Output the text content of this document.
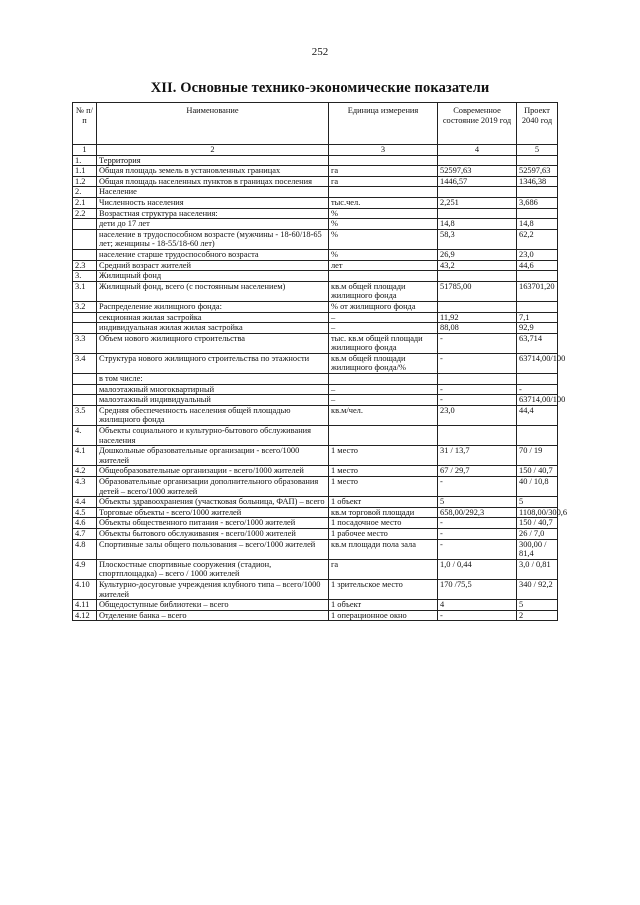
252
XII. Основные технико-экономические показатели
№ п/п	Наименование	Единица измерения	Современное состояние 2019 год	Проект 2040 год
1	2	3	4	5
1.	Территория			
1.1	Общая площадь земель в установленных границах	га	52597,63	52597,63
1.2	Общая площадь населенных пунктов в границах поселения	га	1446,57	1346,38
2.	Население			
2.1	Численность населения	тыс.чел.	2,251	3,686
2.2	Возрастная структура населения:	%		
	дети до 17 лет	%	14,8	14,8
	население в трудоспособном возрасте (мужчины - 18-60/18-65 лет; женщины - 18-55/18-60 лет)	%	58,3	62,2
	население старше трудоспособного возраста	%	26,9	23,0
2.3	Средний возраст жителей	лет	43,2	44,6
3.	Жилищный фонд			
3.1	Жилищный фонд, всего (с постоянным населением)	кв.м общей площади жилищного фонда	51785,00	163701,20
3.2	Распределение жилищного фонда:	% от жилищного фонда		
	секционная жилая застройка	–	11,92	7,1
	индивидуальная жилая жилая застройка	–	88,08	92,9
3.3	Объем нового жилищного строительства	тыс. кв.м общей площади жилищного фонда	-	63,714
3.4	Структура нового жилищного строительства по этажности	кв.м общей площади жилищного фонда/%	-	63714,00/100
	в том числе:			
	малоэтажный многоквартирный	–	-	-
	малоэтажный индивидуальный	–	-	63714,00/100
3.5	Средняя обеспеченность населения общей площадью жилищного фонда	кв.м/чел.	23,0	44,4
4.	Объекты социального и культурно-бытового обслуживания населения			
4.1	Дошкольные образовательные организации - всего/1000 жителей	1 место	31 / 13,7	70 / 19
4.2	Общеобразовательные организации - всего/1000 жителей	1 место	67 / 29,7	150 / 40,7
4.3	Образовательные организации дополнительного образования детей – всего/1000 жителей	1 место	-	40 / 10,8
4.4	Объекты здравоохранения (участковая больница, ФАП) – всего	1 объект	5	5
4.5	Торговые объекты - всего/1000 жителей	кв.м торговой площади	658,00/292,3	1108,00/300,6
4.6	Объекты общественного питания - всего/1000 жителей	1 посадочное место	-	150 / 40,7
4.7	Объекты бытового обслуживания - всего/1000 жителей	1 рабочее место	-	26 / 7,0
4.8	Спортивные залы общего пользования – всего/1000 жителей	кв.м площади пола зала	-	300,00 / 81,4
4.9	Плоскостные спортивные сооружения (стадион, спортплощадка) – всего / 1000 жителей	га	1,0 / 0,44	3,0 / 0,81
4.10	Культурно-досуговые учреждения клубного типа – всего/1000 жителей	1 зрительское место	170 /75,5	340 / 92,2
4.11	Общедоступные библиотеки – всего	1 объект	4	5
4.12	Отделение банка – всего	1 операционное окно	-	2
